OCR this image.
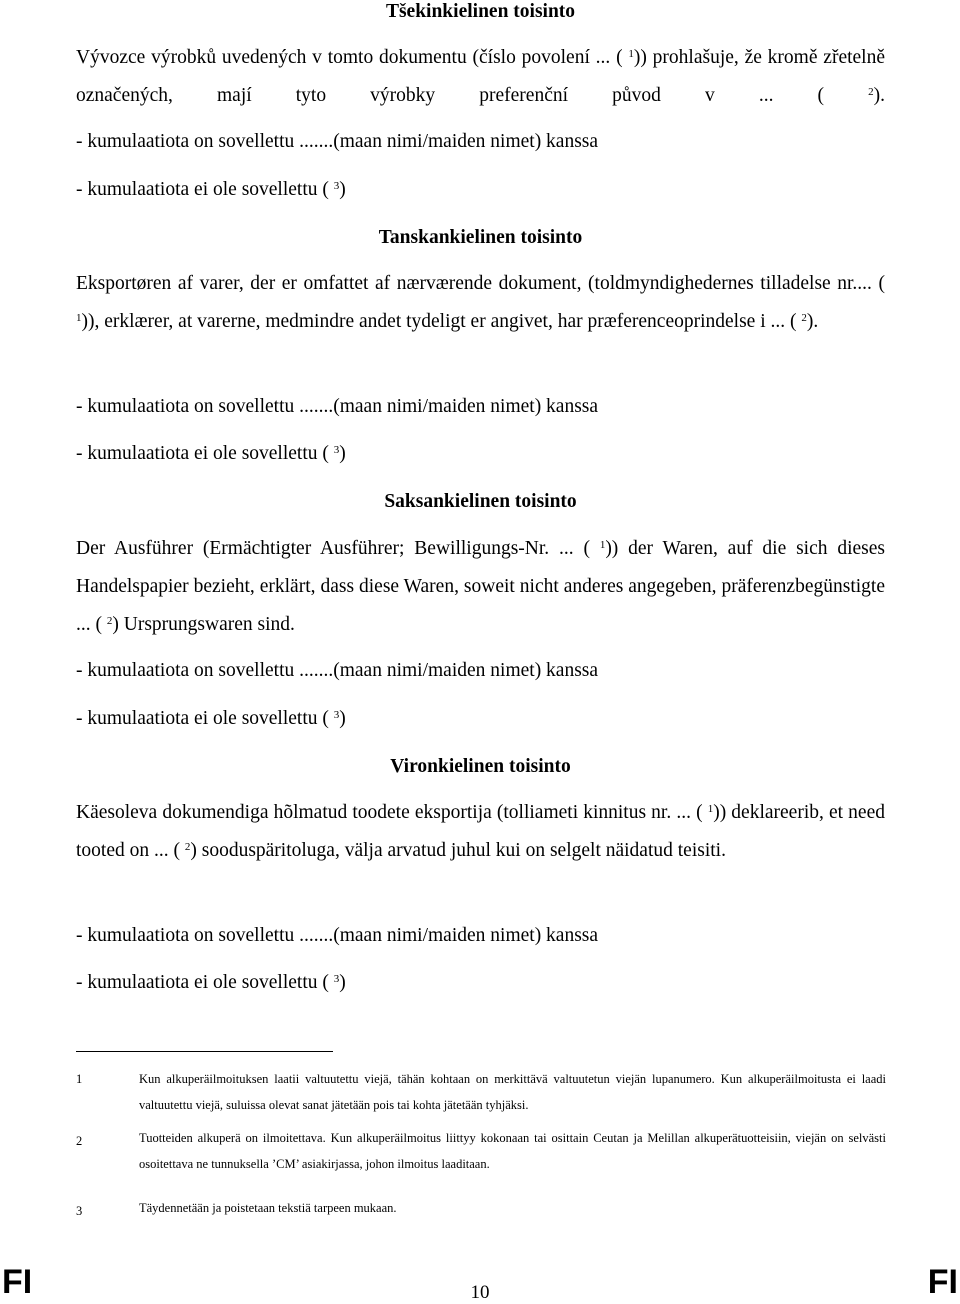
Tšekinkielinen toisinto
Vývozce výrobků uvedených v tomto dokumentu (číslo povolení ... ( $^1$)) prohlašuje, že kromě zřetelně označených, mají tyto výrobky preferenční původ v ... ( $^2$).
- kumulaatiota on sovellettu .......(maan nimi/maiden nimet) kanssa
- kumulaatiota ei ole sovellettu ( $^3$)
Tanskankielinen toisinto
Eksportøren af varer, der er omfattet af nærværende dokument, (toldmyndighedernes tilladelse nr.... ( $^1$)), erklærer, at varerne, medmindre andet tydeligt er angivet, har præferenceoprindelse i ... ( $^2$).
- kumulaatiota on sovellettu .......(maan nimi/maiden nimet) kanssa
- kumulaatiota ei ole sovellettu ( $^3$)
Saksankielinen toisinto
Der Ausführer (Ermächtigter Ausführer; Bewilligungs-Nr. ... ( $^1$)) der Waren, auf die sich dieses Handelspapier bezieht, erklärt, dass diese Waren, soweit nicht anderes angegeben, präferenzbegünstigte ... ( $^2$) Ursprungswaren sind.
- kumulaatiota on sovellettu .......(maan nimi/maiden nimet) kanssa
- kumulaatiota ei ole sovellettu ( $^3$)
Vironkielinen toisinto
Käesoleva dokumendiga hõlmatud toodete eksportija (tolliameti kinnitus nr. ... ( $^1$)) deklareerib, et need tooted on ... ( $^2$) sooduspäritoluga, välja arvatud juhul kui on selgelt näidatud teisiti.
- kumulaatiota on sovellettu .......(maan nimi/maiden nimet) kanssa
- kumulaatiota ei ole sovellettu ( $^3$)
1	Kun alkuperäilmoituksen laatii valtuutettu viejä, tähän kohtaan on merkittävä valtuutetun viejän lupanumero. Kun alkuperäilmoitusta ei laadi valtuutettu viejä, suluissa olevat sanat jätetään pois tai kohta jätetään tyhjäksi.
2	Tuotteiden alkuperä on ilmoitettava. Kun alkuperäilmoitus liittyy kokonaan tai osittain Ceutan ja Melillan alkuperätuotteisiin, viejän on selvästi osoitettava ne tunnuksella ’CM’ asiakirjassa, johon ilmoitus laaditaan.
3	Täydennetään ja poistetaan tekstiä tarpeen mukaan.
FI	10	FI
